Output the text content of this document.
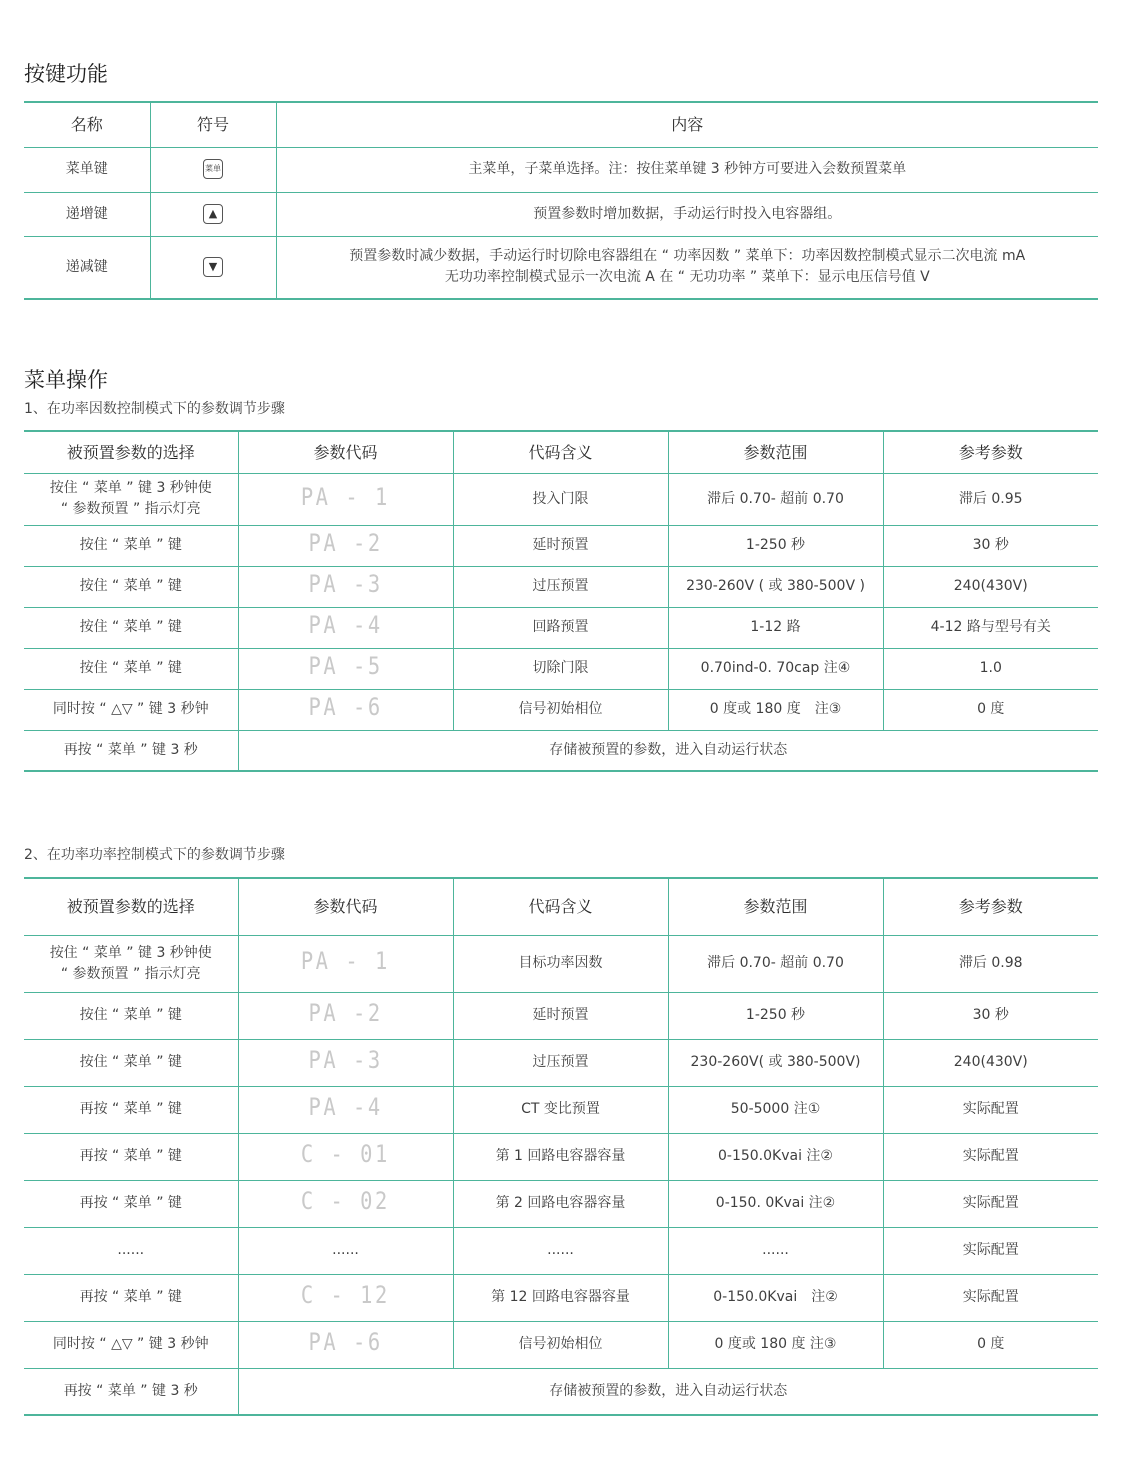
按键功能
名称	符号	内容
菜单键	菜单	主菜单，子菜单选择。注：按住菜单键 3 秒钟方可要进入会数预置菜单
递增键	▲	预置参数时增加数据，手动运行时投入电容器组。
递减键	▼	预置参数时减少数据，手动运行时切除电容器组在 “ 功率因数 ” 菜单下：功率因数控制模式显示二次电流 mA
无功功率控制模式显示一次电流 A 在 “ 无功功率 ” 菜单下：显示电压信号值 V
菜单操作

1、在功率因数控制模式下的参数调节步骤

被预置参数的选择	参数代码	代码含义	参数范围	参考参数

按住 “ 菜单 ” 键 3 秒钟使
“ 参数预置 ” 指示灯亮	PA - 1	投入门限	滞后 0.70- 超前 0.70	滞后 0.95
按住 “ 菜单 ” 键	PA -2	延时预置	1-250 秒	30 秒
按住 “ 菜单 ” 键	PA -3	过压预置	230-260V ( 或 380-500V )	240(430V)
按住 “ 菜单 ” 键	PA -4	回路预置	1-12 路	4-12 路与型号有关
按住 “ 菜单 ” 键	PA -5	切除门限	0.70ind-0. 70cap 注④	1.0
同时按 “ △▽ ” 键 3 秒钟	PA -6	信号初始相位	0 度或 180 度　注③	0 度
再按 “ 菜单 ” 键 3 秒	存储被预置的参数，进入自动运行状态			

2、在功率功率控制模式下的参数调节步骤

被预置参数的选择	参数代码	代码含义	参数范围	参考参数

按住 “ 菜单 ” 键 3 秒钟使
“ 参数预置 ” 指示灯亮	PA - 1	目标功率因数	滞后 0.70- 超前 0.70	滞后 0.98
按住 “ 菜单 ” 键	PA -2	延时预置	1-250 秒	30 秒
按住 “ 菜单 ” 键	PA -3	过压预置	230-260V( 或 380-500V)	240(430V)
再按 “ 菜单 ” 键	PA -4	CT 变比预置	50-5000 注①	实际配置
再按 “ 菜单 ” 键	C - 01	第 1 回路电容器容量	0-150.0Kvai 注②	实际配置
再按 “ 菜单 ” 键	C - 02	第 2 回路电容器容量	0-150. 0Kvai 注②	实际配置
......	......	......	......	实际配置
再按 “ 菜单 ” 键	C - 12	第 12 回路电容器容量	0-150.0Kvai　注②	实际配置
同时按 “ △▽ ” 键 3 秒钟	PA -6	信号初始相位	0 度或 180 度 注③	0 度
再按 “ 菜单 ” 键 3 秒	存储被预置的参数，进入自动运行状态			
